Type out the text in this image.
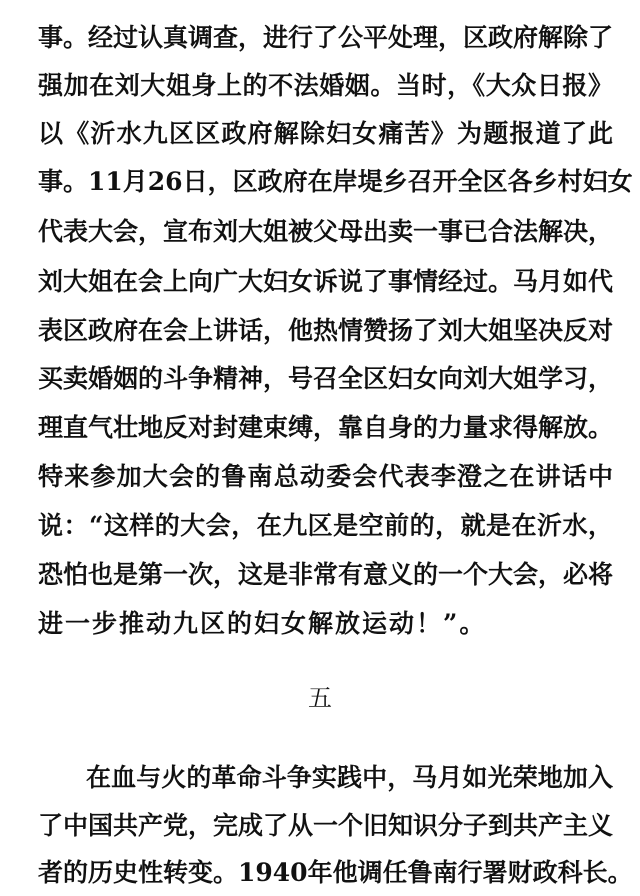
事。经过认真调查，进行了公平处理，区政府解除了
强加在刘大姐身上的不法婚姻。当时，《大众日报》
以《沂水九区区政府解除妇女痛苦》为题报道了此
事。11月26日，区政府在岸堤乡召开全区各乡村妇女
代表大会，宣布刘大姐被父母出卖一事已合法解决，
刘大姐在会上向广大妇女诉说了事情经过。马月如代
表区政府在会上讲话，他热情赞扬了刘大姐坚决反对
买卖婚姻的斗争精神，号召全区妇女向刘大姐学习，
理直气壮地反对封建束缚，靠自身的力量求得解放。
特来参加大会的鲁南总动委会代表李澄之在讲话中
说：“这样的大会，在九区是空前的，就是在沂水，
恐怕也是第一次，这是非常有意义的一个大会，必将
进一步推动九区的妇女解放运动！”。
五
在血与火的革命斗争实践中，马月如光荣地加入
了中国共产党，完成了从一个旧知识分子到共产主义
者的历史性转变。1940年他调任鲁南行署财政科长。
